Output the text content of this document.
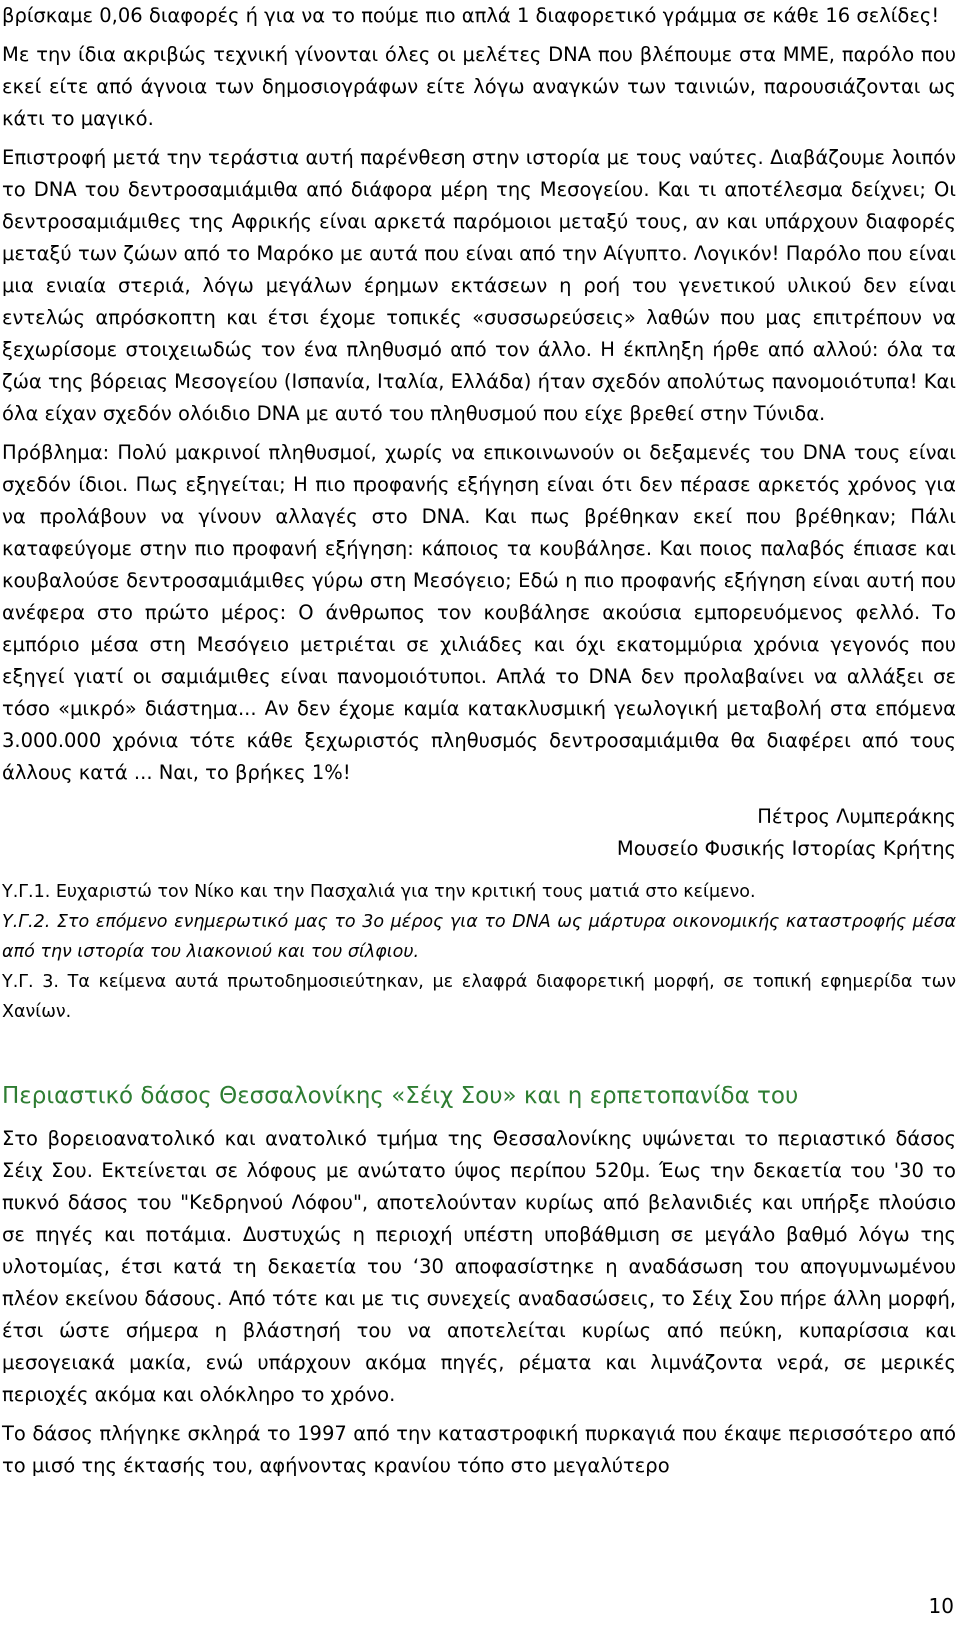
βρίσκαμε 0,06 διαφορές ή για να το πούμε πιο απλά 1 διαφορετικό γράμμα σε κάθε 16 σελίδες!

Με την ίδια ακριβώς τεχνική γίνονται όλες οι μελέτες DNA που βλέπουμε στα ΜΜΕ, παρόλο που εκεί είτε από άγνοια των δημοσιογράφων είτε λόγω αναγκών των ταινιών, παρουσιάζονται ως κάτι το μαγικό.

Επιστροφή μετά την τεράστια αυτή παρένθεση στην ιστορία με τους ναύτες. Διαβάζουμε λοιπόν το DNA του δεντροσαμιάμιθα από διάφορα μέρη της Μεσογείου. Και τι αποτέλεσμα δείχνει; Οι δεντροσαμιάμιθες της Αφρικής είναι αρκετά παρόμοιοι μεταξύ τους, αν και υπάρχουν διαφορές μεταξύ των ζώων από το Μαρόκο με αυτά που είναι από την Αίγυπτο. Λογικόν! Παρόλο που είναι μια ενιαία στεριά, λόγω μεγάλων έρημων εκτάσεων η ροή του γενετικού υλικού δεν είναι εντελώς απρόσκοπτη και έτσι έχομε τοπικές «συσσωρεύσεις» λαθών που μας επιτρέπουν να ξεχωρίσομε στοιχειωδώς τον ένα πληθυσμό από τον άλλο. Η έκπληξη ήρθε από αλλού: όλα τα ζώα της βόρειας Μεσογείου (Ισπανία, Ιταλία, Ελλάδα) ήταν σχεδόν απολύτως πανομοιότυπα! Και όλα είχαν σχεδόν ολόιδιο DNA με αυτό του πληθυσμού που είχε βρεθεί στην Τύνιδα.

Πρόβλημα: Πολύ μακρινοί πληθυσμοί, χωρίς να επικοινωνούν οι δεξαμενές του DNA τους είναι σχεδόν ίδιοι. Πως εξηγείται; Η πιο προφανής εξήγηση είναι ότι δεν πέρασε αρκετός χρόνος για να προλάβουν να γίνουν αλλαγές στο DNA. Και πως βρέθηκαν εκεί που βρέθηκαν; Πάλι καταφεύγομε στην πιο προφανή εξήγηση: κάποιος τα κουβάλησε. Και ποιος παλαβός έπιασε και κουβαλούσε δεντροσαμιάμιθες γύρω στη Μεσόγειο; Εδώ η πιο προφανής εξήγηση είναι αυτή που ανέφερα στο πρώτο μέρος: Ο άνθρωπος τον κουβάλησε ακούσια εμπορευόμενος φελλό. Το εμπόριο μέσα στη Μεσόγειο μετριέται σε χιλιάδες και όχι εκατομμύρια χρόνια γεγονός που εξηγεί γιατί οι σαμιάμιθες είναι πανομοιότυποι. Απλά το DNA δεν προλαβαίνει να αλλάξει σε τόσο «μικρό» διάστημα... Αν δεν έχομε καμία κατακλυσμική γεωλογική μεταβολή στα επόμενα 3.000.000 χρόνια τότε κάθε ξεχωριστός πληθυσμός δεντροσαμιάμιθα θα διαφέρει από τους άλλους κατά ... Ναι, το βρήκες 1%!

Πέτρος Λυμπεράκης

Μουσείο Φυσικής Ιστορίας Κρήτης

Υ.Γ.1. Ευχαριστώ τον Νίκο και την Πασχαλιά για την κριτική τους ματιά στο κείμενο.

Υ.Γ.2. Στο επόμενο ενημερωτικό μας το 3ο μέρος για το DNA ως μάρτυρα οικονομικής καταστροφής μέσα από την ιστορία του λιακονιού και του σίλφιου.

Υ.Γ. 3. Τα κείμενα αυτά πρωτοδημοσιεύτηκαν, με ελαφρά διαφορετική μορφή, σε τοπική εφημερίδα των Χανίων.

Περιαστικό δάσος Θεσσαλονίκης «Σέιχ Σου» και η ερπετοπανίδα του

Στο βορειοανατολικό και ανατολικό τμήμα της Θεσσαλονίκης υψώνεται το περιαστικό δάσος Σέιχ Σου. Εκτείνεται σε λόφους με ανώτατο ύψος περίπου 520μ. Έως την δεκαετία του '30 το πυκνό δάσος του "Κεδρηνού Λόφου", αποτελούνταν κυρίως από βελανιδιές και υπήρξε πλούσιο σε πηγές και ποτάμια. Δυστυχώς η περιοχή υπέστη υποβάθμιση σε μεγάλο βαθμό λόγω της υλοτομίας, έτσι κατά τη δεκαετία του ‘30 αποφασίστηκε η αναδάσωση του απογυμνωμένου πλέον εκείνου δάσους. Από τότε και με τις συνεχείς αναδασώσεις, το Σέιχ Σου πήρε άλλη μορφή, έτσι ώστε σήμερα η βλάστησή του να αποτελείται κυρίως από πεύκη, κυπαρίσσια και μεσογειακά μακία, ενώ υπάρχουν ακόμα πηγές, ρέματα και λιμνάζοντα νερά, σε μερικές περιοχές ακόμα και ολόκληρο το χρόνο.

Το δάσος πλήγηκε σκληρά το 1997 από την καταστροφική πυρκαγιά που έκαψε περισσότερο από το μισό της έκτασής του, αφήνοντας κρανίου τόπο στο μεγαλύτερο

10
